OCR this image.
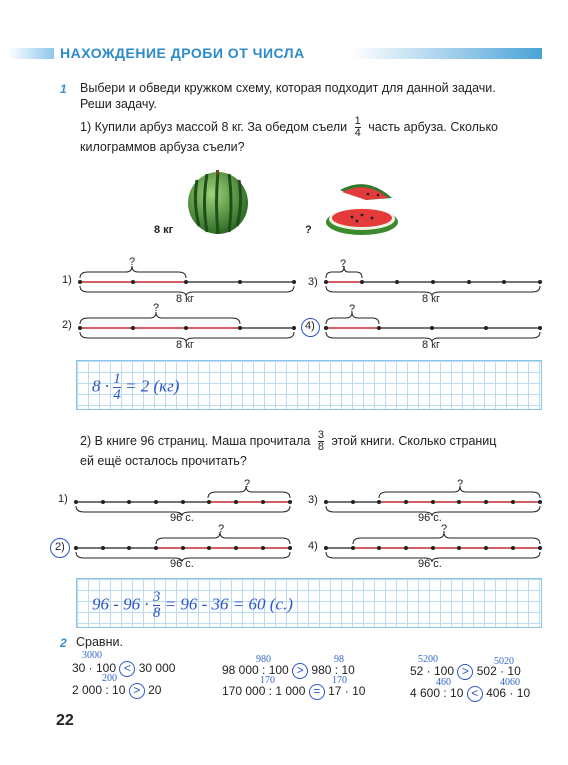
НАХОЖДЕНИЕ ДРОБИ ОТ ЧИСЛА
1 Выбери и обведи кружком схему, которая подходит для данной задачи.
Реши задачу.
1) Купили арбуз массой 8 кг. За обедом съели $\frac{1}{4}$ часть арбуза. Сколько
килограммов арбуза съели?
8 кг	?
1)
?
8 кг
2)
?
8 кг
3)
?
8 кг
4)
?
8 кг
$8 \cdot \frac{1}{4} = 2$ (кг)
2) В книге 96 страниц. Маша прочитала $\frac{3}{8}$ этой книги. Сколько страниц
ей ещё осталось прочитать?
1)
?
96 с.
2)
?
96 с.
3)
?
96 с.
4)
?
96 с.
$96 - 96 \cdot \frac{3}{8} = 96 - 36 = 60$ (с.)
2 Сравни.
3000
30 · 100 < 30 000
200
2 000 : 10 > 20
980	98
98 000 : 100 > 980 : 10
170	170
170 000 : 1 000 = 17 · 10
5200	5020
52 · 100 > 502 · 10
460	4060
4 600 : 10 < 406 · 10
22
